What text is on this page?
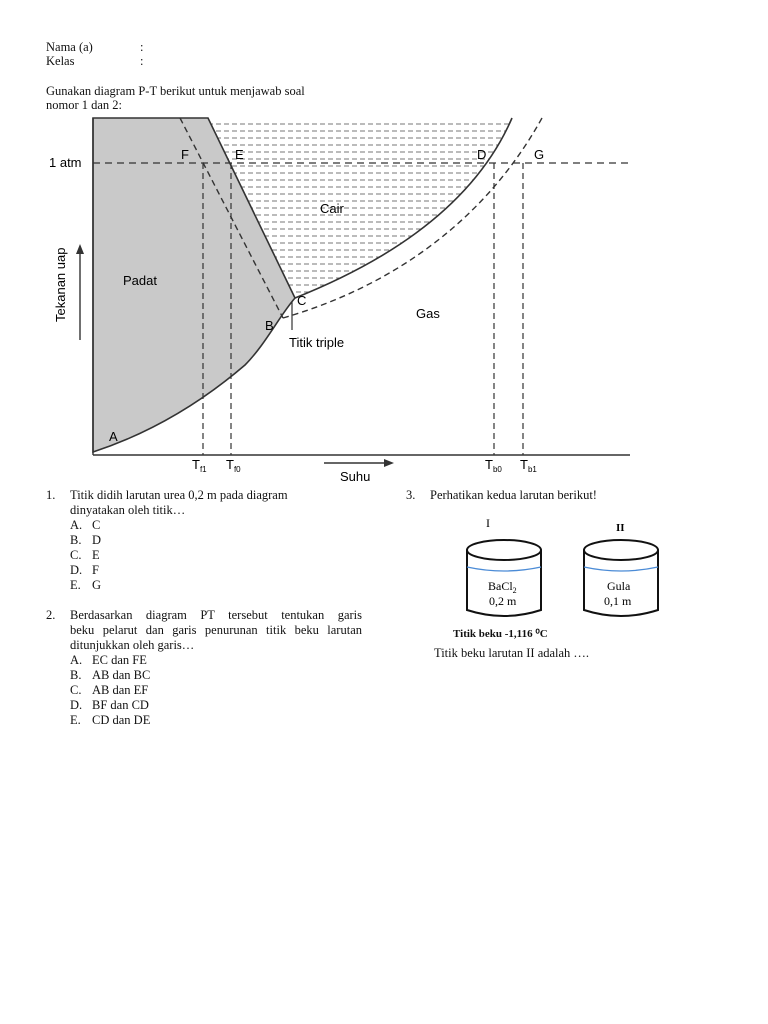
Nama (a)	:
Kelas	:
Gunakan diagram P-T berikut untuk menjawab soal
nomor 1 dan 2:
1 atm
Tekanan uap
Suhu
Padat
Cair
Gas
Titik triple
A
B
C
D
E
F	G
$T_{f1}$ $T_{f0}$	$T_{b0}$ $T_{b1}$
1. Titik didih larutan urea 0,2 m pada diagram
dinyatakan oleh titik…
A. C
B. D
C. E
D. F
E. G
2. Berdasarkan diagram PT tersebut tentukan garis
beku pelarut dan garis penurunan titik beku larutan
ditunjukkan oleh garis…
A. EC dan FE
B. AB dan BC
C. AB dan EF
D. BF dan CD
E. CD dan DE
3. Perhatikan kedua larutan berikut!
I
BaCl$_2$
0,2 m
II
Gula
0,1 m
Titik beku -1,116 ⁰C
Titik beku larutan II adalah ….
